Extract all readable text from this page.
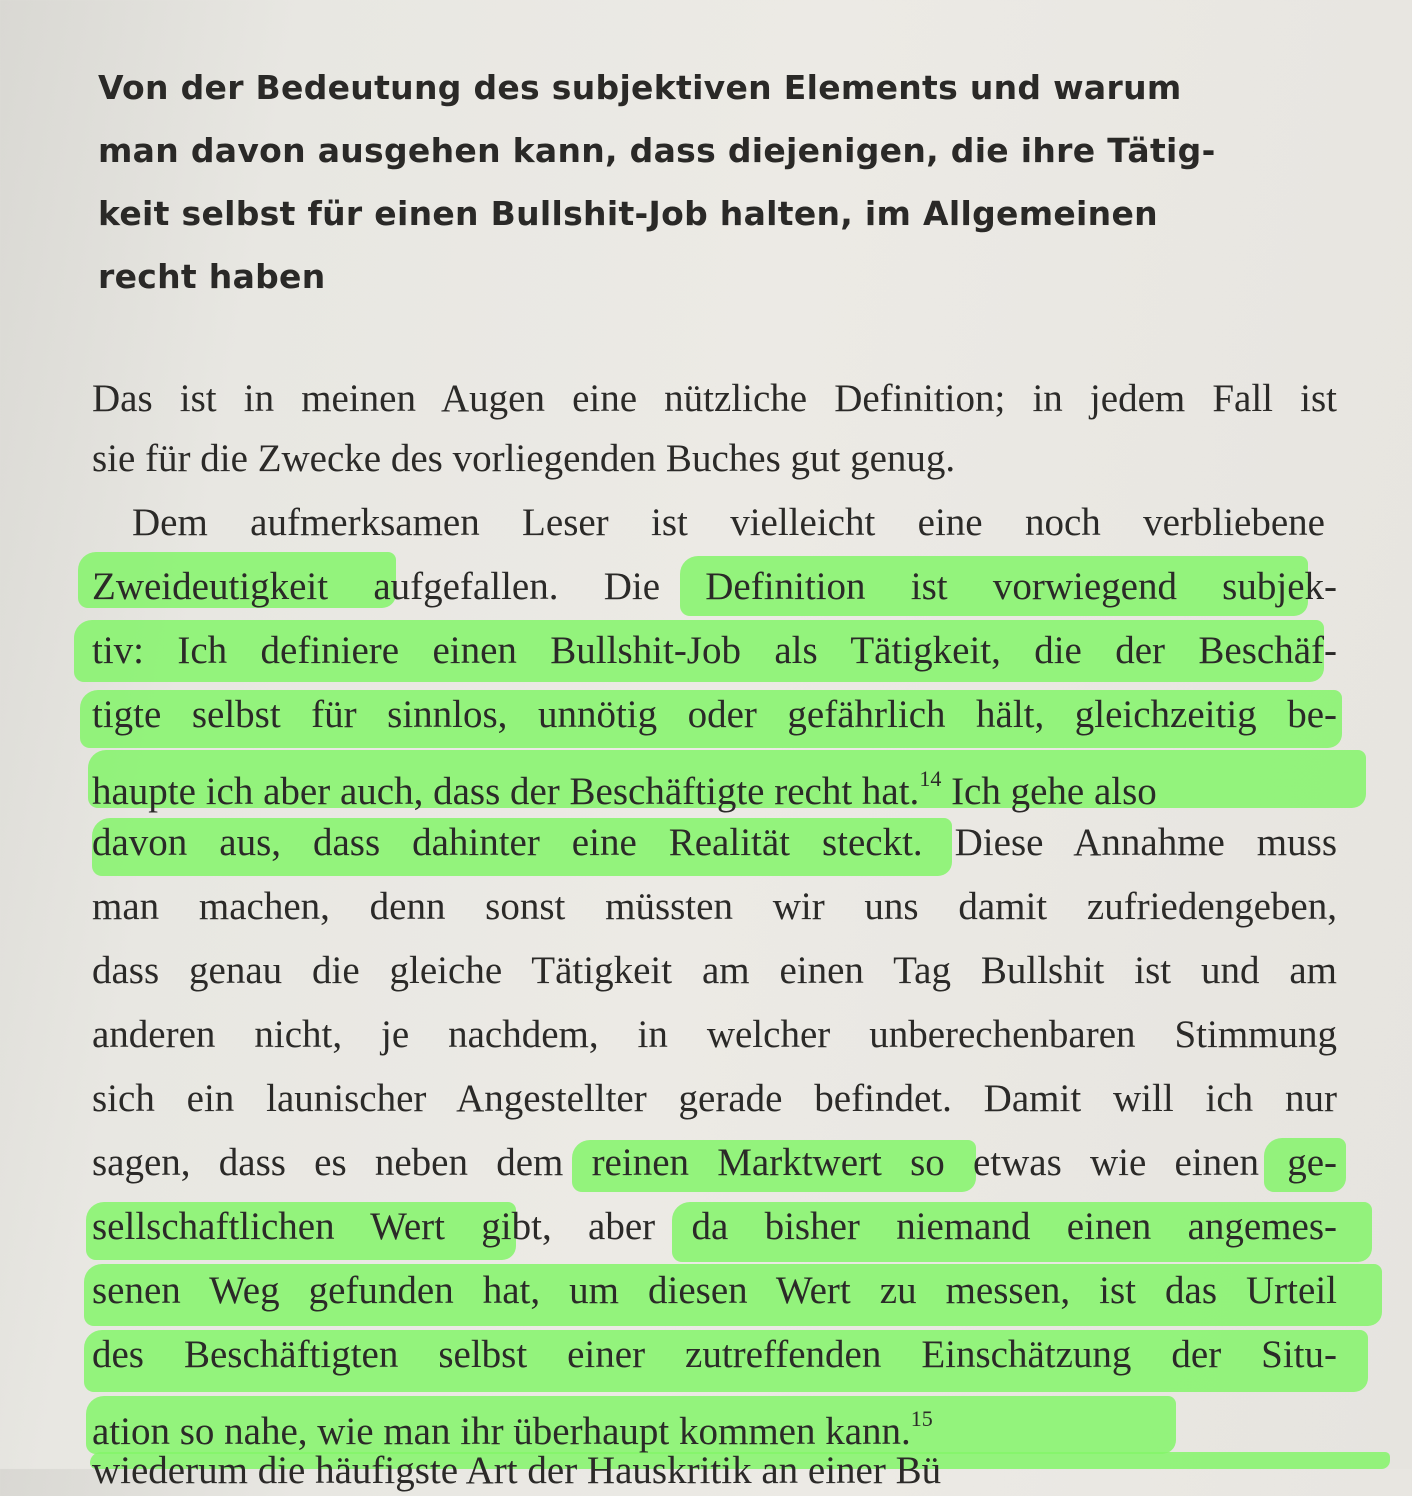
Von der Bedeutung des subjektiven Elements und warum
man davon ausgehen kann, dass diejenigen, die ihre Tätig-
keit selbst für einen Bullshit-Job halten, im Allgemeinen
recht haben
Das ist in meinen Augen eine nützliche Definition; in jedem Fall ist
sie für die Zwecke des vorliegenden Buches gut genug.
Dem aufmerksamen Leser ist vielleicht eine noch verbliebene
Zweideutigkeit aufgefallen. Die Definition ist vorwiegend subjek-
tiv: Ich definiere einen Bullshit-Job als Tätigkeit, die der Beschäf-
tigte selbst für sinnlos, unnötig oder gefährlich hält, gleichzeitig be-
haupte ich aber auch, dass der Beschäftigte recht hat.$^{14}$ Ich gehe also
davon aus, dass dahinter eine Realität steckt. Diese Annahme muss
man machen, denn sonst müssten wir uns damit zufriedengeben,
dass genau die gleiche Tätigkeit am einen Tag Bullshit ist und am
anderen nicht, je nachdem, in welcher unberechenbaren Stimmung
sich ein launischer Angestellter gerade befindet. Damit will ich nur
sagen, dass es neben dem reinen Marktwert so etwas wie einen ge-
sellschaftlichen Wert gibt, aber da bisher niemand einen angemes-
senen Weg gefunden hat, um diesen Wert zu messen, ist das Urteil
des Beschäftigten selbst einer zutreffenden Einschätzung der Situ-
ation so nahe, wie man ihr überhaupt kommen kann.$^{15}$
wiederum die häufigste Art der Hauskritik an einer Bü
